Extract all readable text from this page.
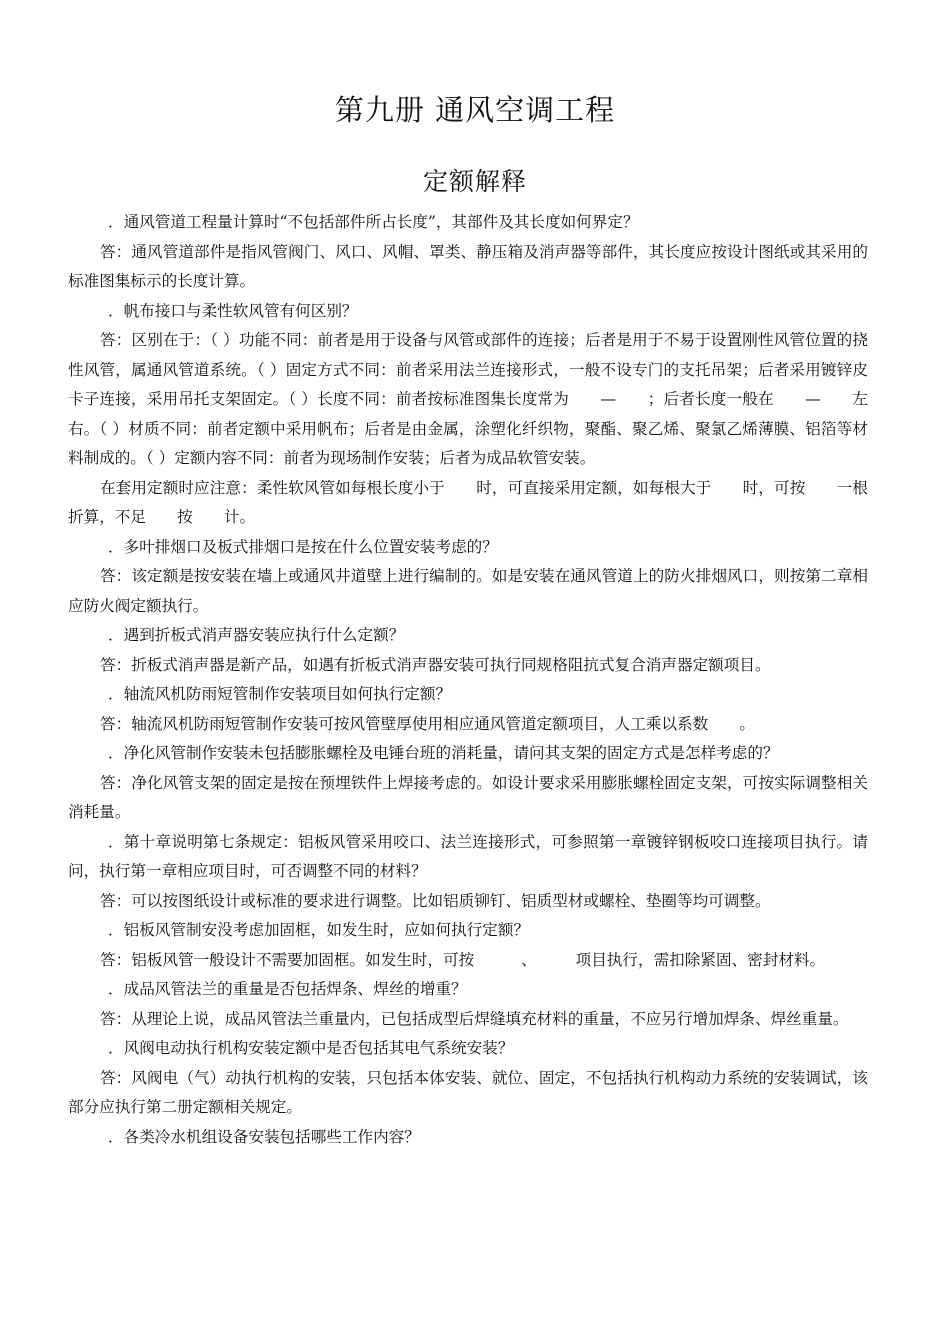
第九册 通风空调工程
定额解释

．通风管道工程量计算时“不包括部件所占长度”，其部件及其长度如何界定？

答：通风管道部件是指风管阀门、风口、风帽、罩类、静压箱及消声器等部件，其长度应按设计图纸或其采用的标准图集标示的长度计算。

．帆布接口与柔性软风管有何区别？

答：区别在于：（ ）功能不同：前者是用于设备与风管或部件的连接；后者是用于不易于设置刚性风管位置的挠性风管，属通风管道系统。（ ）固定方式不同：前者采用法兰连接形式，一般不设专门的支托吊架；后者采用镀锌皮卡子连接，采用吊托支架固定。（ ）长度不同：前者按标准图集长度常为　　—　　；后者长度一般在　　—　　左右。（ ）材质不同：前者定额中采用帆布；后者是由金属，涂塑化纤织物，聚酯、聚乙烯、聚氯乙烯薄膜、铝箔等材料制成的。（ ）定额内容不同：前者为现场制作安装；后者为成品软管安装。

在套用定额时应注意：柔性软风管如每根长度小于　　时，可直接采用定额，如每根大于　　时，可按　　一根折算，不足　　按　　计。

．多叶排烟口及板式排烟口是按在什么位置安装考虑的？

答：该定额是按安装在墙上或通风井道壁上进行编制的。如是安装在通风管道上的防火排烟风口，则按第二章相应防火阀定额执行。

．遇到折板式消声器安装应执行什么定额？

答：折板式消声器是新产品，如遇有折板式消声器安装可执行同规格阻抗式复合消声器定额项目。

．轴流风机防雨短管制作安装项目如何执行定额？

答：轴流风机防雨短管制作安装可按风管壁厚使用相应通风管道定额项目，人工乘以系数　　。

．净化风管制作安装未包括膨胀螺栓及电锤台班的消耗量，请问其支架的固定方式是怎样考虑的？

答：净化风管支架的固定是按在预埋铁件上焊接考虑的。如设计要求采用膨胀螺栓固定支架，可按实际调整相关消耗量。

．第十章说明第七条规定：铝板风管采用咬口、法兰连接形式，可参照第一章镀锌钢板咬口连接项目执行。请问，执行第一章相应项目时，可否调整不同的材料？

答：可以按图纸设计或标准的要求进行调整。比如铝质铆钉、铝质型材或螺栓、垫圈等均可调整。

．铝板风管制安没考虑加固框，如发生时，应如何执行定额？

答：铝板风管一般设计不需要加固框。如发生时，可按　　　、　　　项目执行，需扣除紧固、密封材料。

．成品风管法兰的重量是否包括焊条、焊丝的增重？

答：从理论上说，成品风管法兰重量内，已包括成型后焊缝填充材料的重量，不应另行增加焊条、焊丝重量。

．风阀电动执行机构安装定额中是否包括其电气系统安装？

答：风阀电（气）动执行机构的安装，只包括本体安装、就位、固定，不包括执行机构动力系统的安装调试，该部分应执行第二册定额相关规定。

．各类冷水机组设备安装包括哪些工作内容？
